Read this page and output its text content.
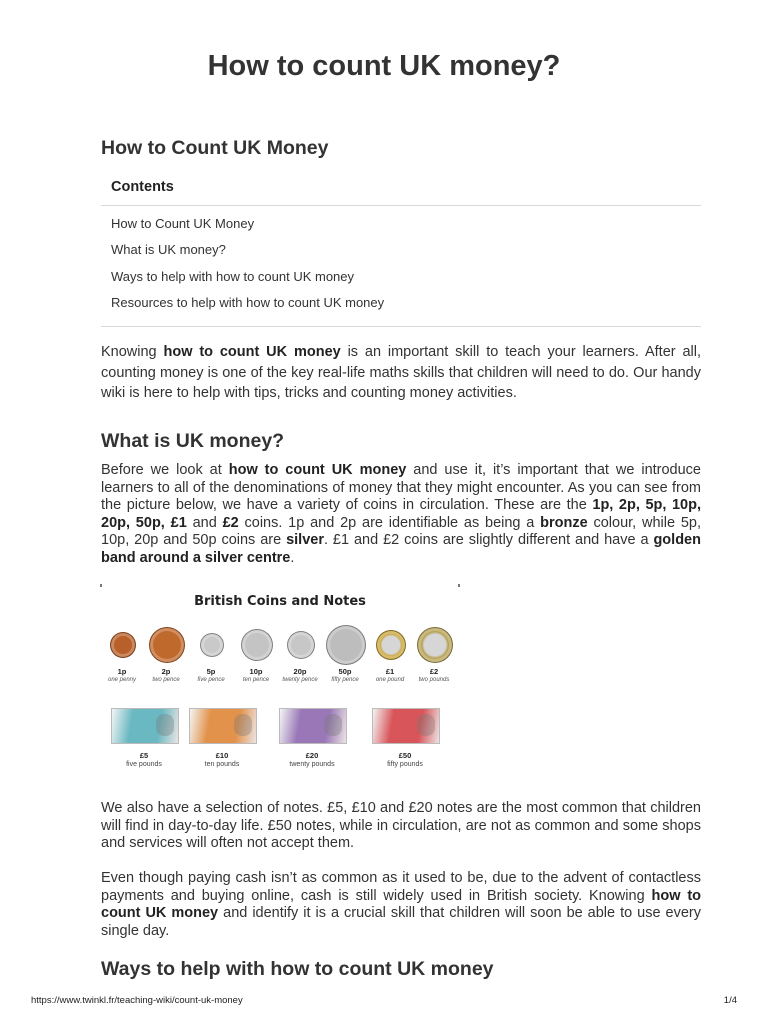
How to count UK money?
How to Count UK Money
Contents
How to Count UK Money
What is UK money?
Ways to help with how to count UK money
Resources to help with how to count UK money

Knowing how to count UK money is an important skill to teach your learners. After all, counting money is one of the key real-life maths skills that children will need to do. Our handy wiki is here to help with tips, tricks and counting money activities.

What is UK money?

Before we look at how to count UK money and use it, it’s important that we introduce learners to all of the denominations of money that they might encounter. As you can see from the picture below, we have a variety of coins in circulation. These are the 1p, 2p, 5p, 10p, 20p, 50p, £1 and £2 coins. 1p and 2p are identifiable as being a bronze colour, while 5p, 10p, 20p and 50p coins are silver. £1 and £2 coins are slightly different and have a golden band around a silver centre.

British Coins and Notes
1p
one penny
2p
two pence
5p
five pence
10p
ten pence
20p
twenty pence
50p
fifty pence
£1
one pound
£2
two pounds
£5
five pounds
£10
ten pounds
£20
twenty pounds
£50
fifty pounds

We also have a selection of notes. £5, £10 and £20 notes are the most common that children will find in day-to-day life. £50 notes, while in circulation, are not as common and some shops and services will often not accept them.

Even though paying cash isn’t as common as it used to be, due to the advent of contactless payments and buying online, cash is still widely used in British society. Knowing how to count UK money and identify it is a crucial skill that children will soon be able to use every single day.

Ways to help with how to count UK money
https://www.twinkl.fr/teaching-wiki/count-uk-money	1/4
